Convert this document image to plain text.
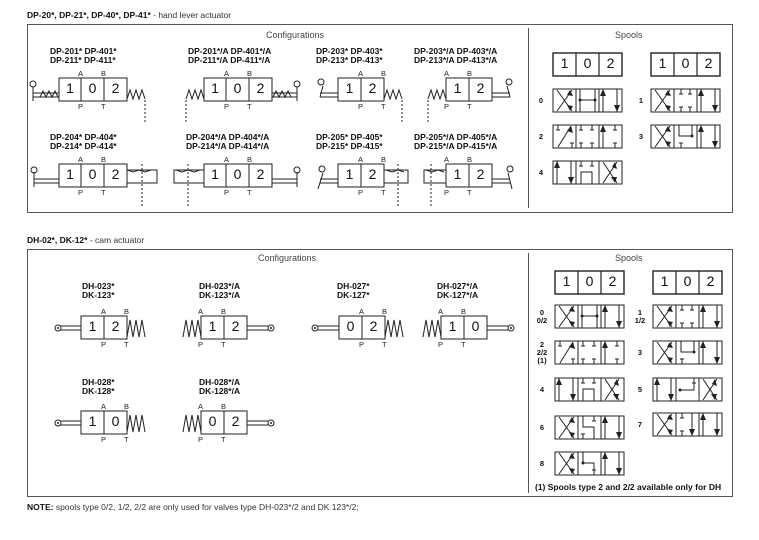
DP-20*, DP-21*, DP-40*, DP-41* - hand lever actuator
Configurations	Spools
DP-201* DP-401*
DP-211* DP-411*
DP-201*/A DP-401*/A
DP-211*/A DP-411*/A
DP-203* DP-403*
DP-213* DP-413*
DP-203*/A DP-403*/A
DP-213*/A DP-413*/A
DP-204* DP-404*
DP-214* DP-414*
DP-204*/A DP-404*/A
DP-214*/A DP-414*/A
DP-205* DP-405*
DP-215* DP-415*
DP-205*/A DP-405*/A
DP-215*/A DP-415*/A
1	0	2	1	0	2	1	2	1	2
1	0	2	1	0	2	1	2	1	2
A B
P T
A B
P T
A B
P T
A B
P T
A B
P T
A B
P T
A B
P T
A B
P T
1	0	2	1	0	2
0	1
2	3
4
DH-02*, DK-12* - cam actuator
Configurations	Spools
DH-023*
DK-123*
DH-023*/A
DK-123*/A
DH-027*
DK-127*
DH-027*/A
DK-127*/A
DH-028*
DK-128*
DH-028*/A
DK-128*/A
1	2	1	2	0	2	1	0
1	0	0	2
A B
P T
A B
P T
A B
P T
A B
P T
A B
P T
A B
P T
1	0	2	1	0	2
0
0/2
1
1/2
2
2/2
(1)
3
4	5
6	7
8
(1) Spools type 2 and 2/2 available only for DH
NOTE: spools type 0/2, 1/2, 2/2 are only used for valves type DH-023*/2 and DK 123*/2;
